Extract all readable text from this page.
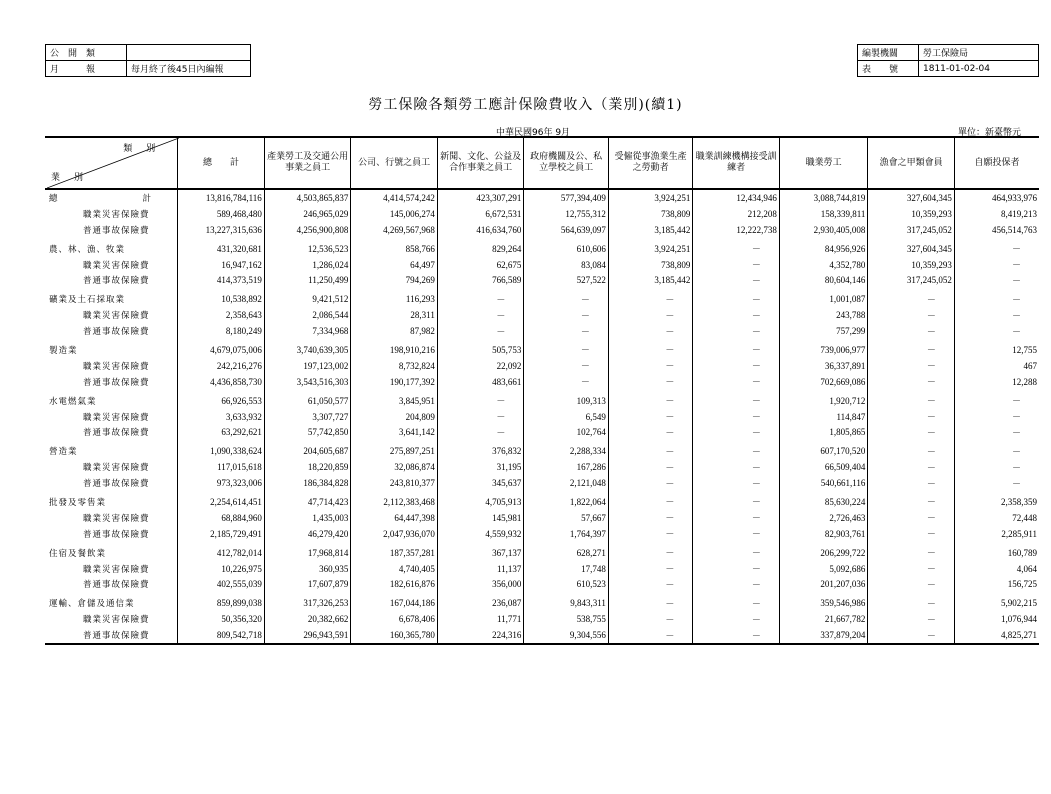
公　開　類	
月　　　報	每月終了後45日內編報
編製機關	勞工保險局
表　　號	1811-01-02-04
勞工保險各類勞工應計保險費收入（業別)(續1)
中華民國96年 9月	單位：新臺幣元
類別
業別	總　　計	產業勞工及交通公用事業之員工	公司、行號之員工	新聞、文化、公益及合作事業之員工	政府機關及公、私立學校之員工	受僱從事漁業生產之勞動者	職業訓練機構接受訓練者	職業勞工	漁會之甲類會員	自願投保者
總　　　　　　　　　　計	13,816,784,116	4,503,865,837	4,414,574,242	423,307,291	577,394,409	3,924,251	12,434,946	3,088,744,819	327,604,345	464,933,976
職業災害保險費	589,468,480	246,965,029	145,006,274	6,672,531	12,755,312	738,809	212,208	158,339,811	10,359,293	8,419,213
普通事故保險費	13,227,315,636	4,256,900,808	4,269,567,968	416,634,760	564,639,097	3,185,442	12,222,738	2,930,405,008	317,245,052	456,514,763
農、林、漁、牧業	431,320,681	12,536,523	858,766	829,264	610,606	3,924,251	－	84,956,926	327,604,345	－
職業災害保險費	16,947,162	1,286,024	64,497	62,675	83,084	738,809	－	4,352,780	10,359,293	－
普通事故保險費	414,373,519	11,250,499	794,269	766,589	527,522	3,185,442	－	80,604,146	317,245,052	－
礦業及土石採取業	10,538,892	9,421,512	116,293	－	－	－	－	1,001,087	－	－
職業災害保險費	2,358,643	2,086,544	28,311	－	－	－	－	243,788	－	－
普通事故保險費	8,180,249	7,334,968	87,982	－	－	－	－	757,299	－	－
製造業	4,679,075,006	3,740,639,305	198,910,216	505,753	－	－	－	739,006,977	－	12,755
職業災害保險費	242,216,276	197,123,002	8,732,824	22,092	－	－	－	36,337,891	－	467
普通事故保險費	4,436,858,730	3,543,516,303	190,177,392	483,661	－	－	－	702,669,086	－	12,288
水電燃氣業	66,926,553	61,050,577	3,845,951	－	109,313	－	－	1,920,712	－	－
職業災害保險費	3,633,932	3,307,727	204,809	－	6,549	－	－	114,847	－	－
普通事故保險費	63,292,621	57,742,850	3,641,142	－	102,764	－	－	1,805,865	－	－
營造業	1,090,338,624	204,605,687	275,897,251	376,832	2,288,334	－	－	607,170,520	－	－
職業災害保險費	117,015,618	18,220,859	32,086,874	31,195	167,286	－	－	66,509,404	－	－
普通事故保險費	973,323,006	186,384,828	243,810,377	345,637	2,121,048	－	－	540,661,116	－	－
批發及零售業	2,254,614,451	47,714,423	2,112,383,468	4,705,913	1,822,064	－	－	85,630,224	－	2,358,359
職業災害保險費	68,884,960	1,435,003	64,447,398	145,981	57,667	－	－	2,726,463	－	72,448
普通事故保險費	2,185,729,491	46,279,420	2,047,936,070	4,559,932	1,764,397	－	－	82,903,761	－	2,285,911
住宿及餐飲業	412,782,014	17,968,814	187,357,281	367,137	628,271	－	－	206,299,722	－	160,789
職業災害保險費	10,226,975	360,935	4,740,405	11,137	17,748	－	－	5,092,686	－	4,064
普通事故保險費	402,555,039	17,607,879	182,616,876	356,000	610,523	－	－	201,207,036	－	156,725
運輸、倉儲及通信業	859,899,038	317,326,253	167,044,186	236,087	9,843,311	－	－	359,546,986	－	5,902,215
職業災害保險費	50,356,320	20,382,662	6,678,406	11,771	538,755	－	－	21,667,782	－	1,076,944
普通事故保險費	809,542,718	296,943,591	160,365,780	224,316	9,304,556	－	－	337,879,204	－	4,825,271
